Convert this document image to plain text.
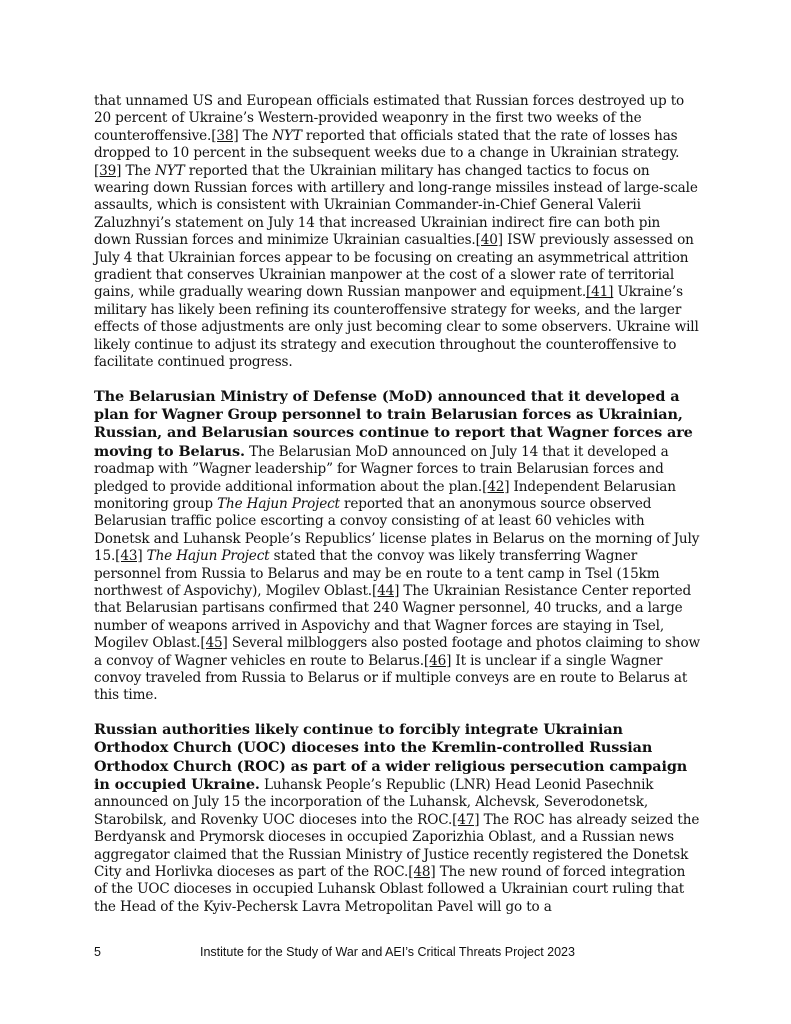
that unnamed US and European officials estimated that Russian forces destroyed up to 20 percent of Ukraine’s Western-provided weaponry in the first two weeks of the counteroffensive.[38] The NYT reported that officials stated that the rate of losses has dropped to 10 percent in the subsequent weeks due to a change in Ukrainian strategy.[39] The NYT reported that the Ukrainian military has changed tactics to focus on wearing down Russian forces with artillery and long-range missiles instead of large-scale assaults, which is consistent with Ukrainian Commander-in-Chief General Valerii Zaluzhnyi’s statement on July 14 that increased Ukrainian indirect fire can both pin down Russian forces and minimize Ukrainian casualties.[40] ISW previously assessed on July 4 that Ukrainian forces appear to be focusing on creating an asymmetrical attrition gradient that conserves Ukrainian manpower at the cost of a slower rate of territorial gains, while gradually wearing down Russian manpower and equipment.[41] Ukraine’s military has likely been refining its counteroffensive strategy for weeks, and the larger effects of those adjustments are only just becoming clear to some observers. Ukraine will likely continue to adjust its strategy and execution throughout the counteroffensive to facilitate continued progress.

The Belarusian Ministry of Defense (MoD) announced that it developed a plan for Wagner Group personnel to train Belarusian forces as Ukrainian, Russian, and Belarusian sources continue to report that Wagner forces are moving to Belarus. The Belarusian MoD announced on July 14 that it developed a roadmap with ”Wagner leadership” for Wagner forces to train Belarusian forces and pledged to provide additional information about the plan.[42] Independent Belarusian monitoring group The Hajun Project reported that an anonymous source observed Belarusian traffic police escorting a convoy consisting of at least 60 vehicles with Donetsk and Luhansk People’s Republics’ license plates in Belarus on the morning of July 15.[43] The Hajun Project stated that the convoy was likely transferring Wagner personnel from Russia to Belarus and may be en route to a tent camp in Tsel (15km northwest of Aspovichy), Mogilev Oblast.[44] The Ukrainian Resistance Center reported that Belarusian partisans confirmed that 240 Wagner personnel, 40 trucks, and a large number of weapons arrived in Aspovichy and that Wagner forces are staying in Tsel, Mogilev Oblast.[45] Several milbloggers also posted footage and photos claiming to show a convoy of Wagner vehicles en route to Belarus.[46] It is unclear if a single Wagner convoy traveled from Russia to Belarus or if multiple conveys are en route to Belarus at this time.

Russian authorities likely continue to forcibly integrate Ukrainian Orthodox Church (UOC) dioceses into the Kremlin-controlled Russian Orthodox Church (ROC) as part of a wider religious persecution campaign in occupied Ukraine. Luhansk People’s Republic (LNR) Head Leonid Pasechnik announced on July 15 the incorporation of the Luhansk, Alchevsk, Severodonetsk, Starobilsk, and Rovenky UOC dioceses into the ROC.[47] The ROC has already seized the Berdyansk and Prymorsk dioceses in occupied Zaporizhia Oblast, and a Russian news aggregator claimed that the Russian Ministry of Justice recently registered the Donetsk City and Horlivka dioceses as part of the ROC.[48] The new round of forced integration of the UOC dioceses in occupied Luhansk Oblast followed a Ukrainian court ruling that the Head of the Kyiv-Pechersk Lavra Metropolitan Pavel will go to a

5	Institute for the Study of War and AEI’s Critical Threats Project 2023
